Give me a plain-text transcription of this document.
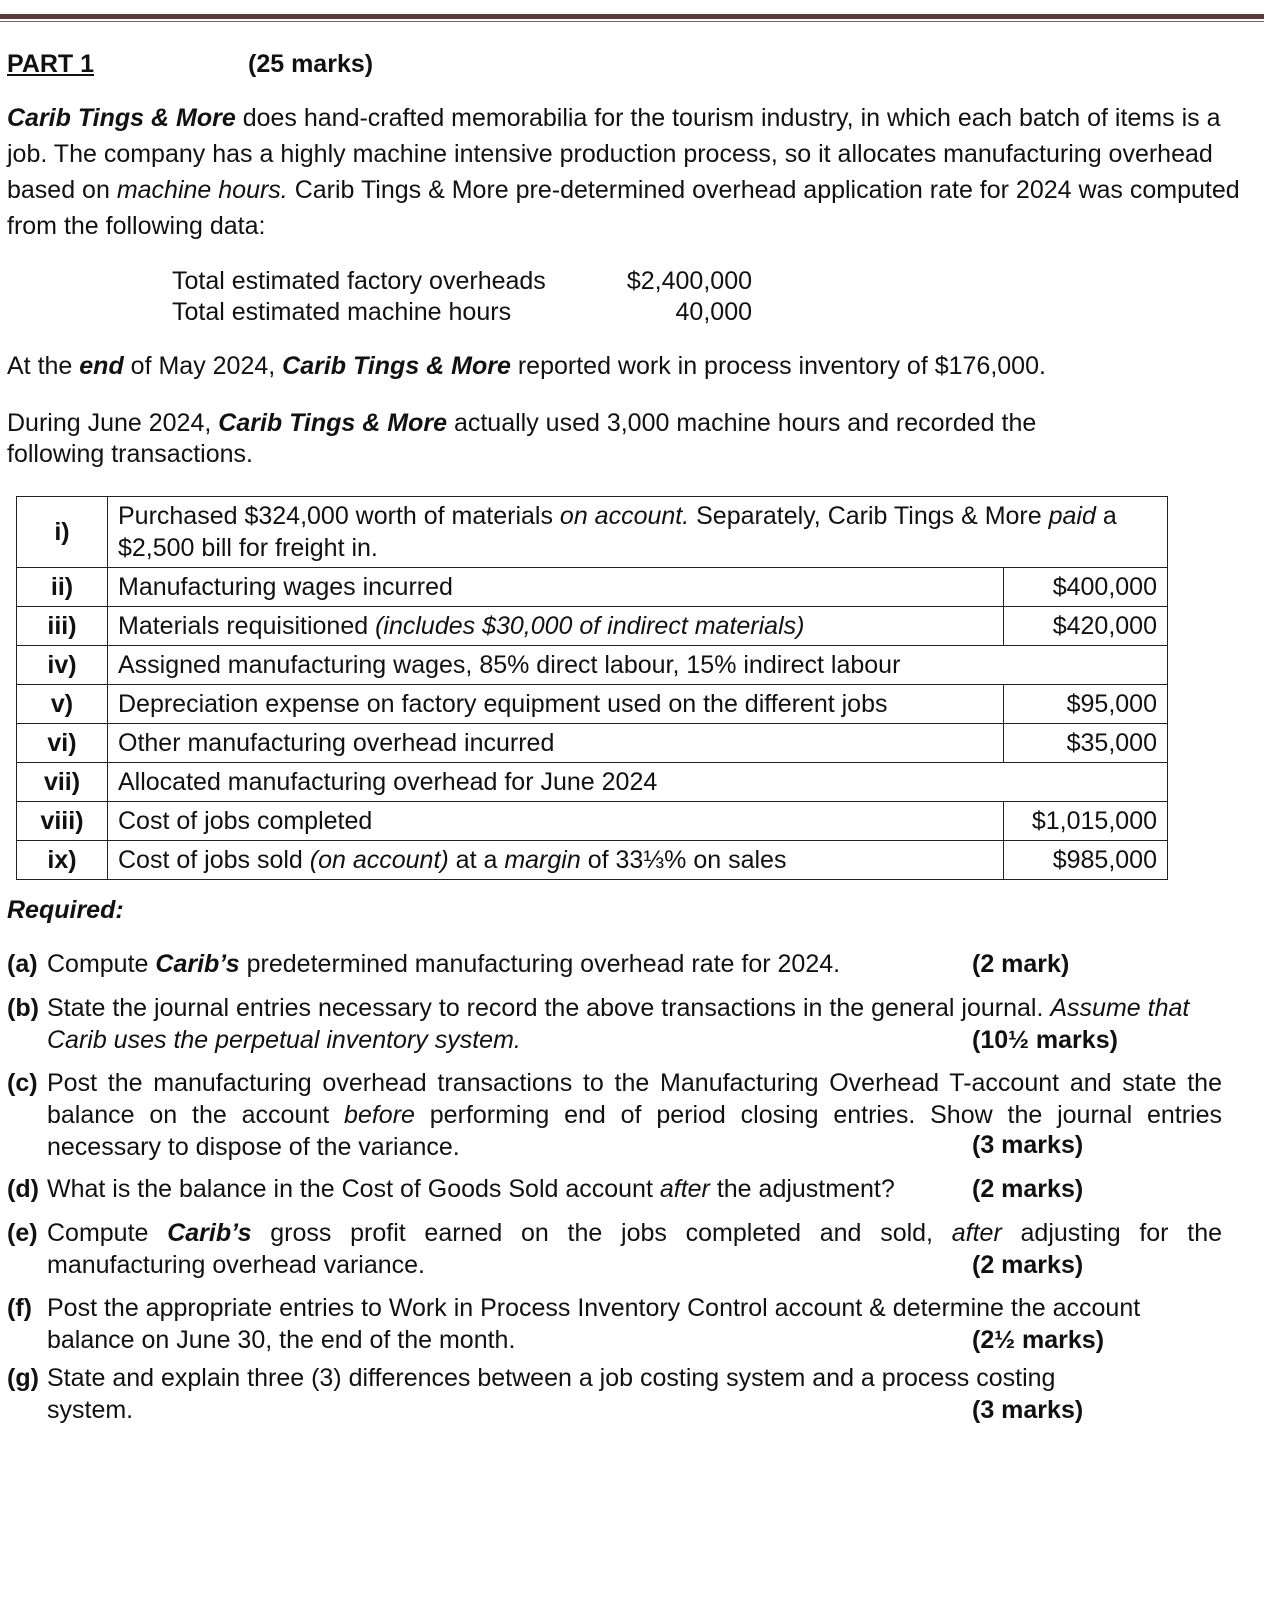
PART 1	(25 marks)
Carib Tings & More does hand-crafted memorabilia for the tourism industry, in which each batch of items is a job. The company has a highly machine intensive production process, so it allocates manufacturing overhead based on machine hours. Carib Tings & More pre-determined overhead application rate for 2024 was computed from the following data:
Total estimated factory overheads	$2,400,000
Total estimated machine hours	40,000
At the end of May 2024, Carib Tings & More reported work in process inventory of $176,000.
During June 2024, Carib Tings & More actually used 3,000 machine hours and recorded the following transactions.
i)	Purchased $324,000 worth of materials on account. Separately, Carib Tings & More paid a $2,500 bill for freight in.	
ii)	Manufacturing wages incurred	$400,000
iii)	Materials requisitioned (includes $30,000 of indirect materials)	$420,000
iv)	Assigned manufacturing wages, 85% direct labour, 15% indirect labour	
v)	Depreciation expense on factory equipment used on the different jobs	$95,000
vi)	Other manufacturing overhead incurred	$35,000
vii)	Allocated manufacturing overhead for June 2024	
viii)	Cost of jobs completed	$1,015,000
ix)	Cost of jobs sold (on account) at a margin of 33⅓% on sales	$985,000
Required:
(a) Compute Carib’s predetermined manufacturing overhead rate for 2024.	(2 mark)
(b) State the journal entries necessary to record the above transactions in the general journal. Assume that Carib uses the perpetual inventory system.	(10½ marks)
(c) Post the manufacturing overhead transactions to the Manufacturing Overhead T-account and state the balance on the account before performing end of period closing entries. Show the journal entries necessary to dispose of the variance.	(3 marks)
(d) What is the balance in the Cost of Goods Sold account after the adjustment?	(2 marks)
(e) Compute Carib’s gross profit earned on the jobs completed and sold, after adjusting for the manufacturing overhead variance.	(2 marks)
(f) Post the appropriate entries to Work in Process Inventory Control account & determine the account balance on June 30, the end of the month.	(2½ marks)
(g) State and explain three (3) differences between a job costing system and a process costing system.	(3 marks)
